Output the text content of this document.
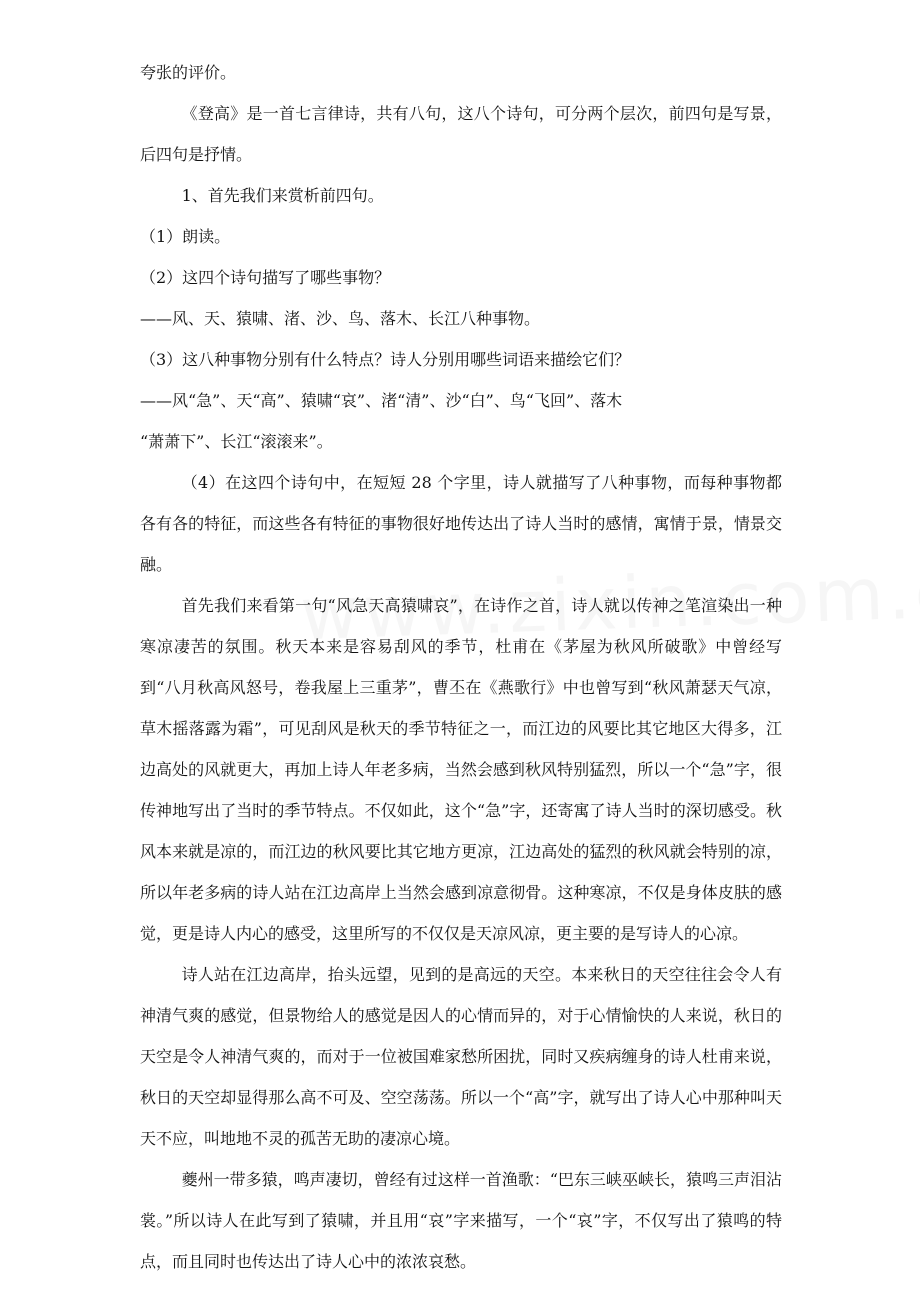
夸张的评价。

《登高》是一首七言律诗，共有八句，这八个诗句，可分两个层次，前四句是写景，后四句是抒情。

1、首先我们来赏析前四句。

（1）朗读。

（2）这四个诗句描写了哪些事物？

——风、天、猿啸、渚、沙、鸟、落木、长江八种事物。

（3）这八种事物分别有什么特点？诗人分别用哪些词语来描绘它们？

——风“急”、天“高”、猿啸“哀”、渚“清”、沙“白”、鸟“飞回”、落木

“萧萧下”、长江“滚滚来”。

（4）在这四个诗句中，在短短 28 个字里，诗人就描写了八种事物，而每种事物都各有各的特征，而这些各有特征的事物很好地传达出了诗人当时的感情，寓情于景，情景交融。

首先我们来看第一句“风急天高猿啸哀”，在诗作之首，诗人就以传神之笔渲染出一种寒凉凄苦的氛围。秋天本来是容易刮风的季节，杜甫在《茅屋为秋风所破歌》中曾经写到“八月秋高风怒号，卷我屋上三重茅”，曹丕在《燕歌行》中也曾写到“秋风萧瑟天气凉，草木摇落露为霜”，可见刮风是秋天的季节特征之一，而江边的风要比其它地区大得多，江边高处的风就更大，再加上诗人年老多病，当然会感到秋风特别猛烈，所以一个“急”字，很传神地写出了当时的季节特点。不仅如此，这个“急”字，还寄寓了诗人当时的深切感受。秋风本来就是凉的，而江边的秋风要比其它地方更凉，江边高处的猛烈的秋风就会特别的凉，所以年老多病的诗人站在江边高岸上当然会感到凉意彻骨。这种寒凉，不仅是身体皮肤的感觉，更是诗人内心的感受，这里所写的不仅仅是天凉风凉，更主要的是写诗人的心凉。

诗人站在江边高岸，抬头远望，见到的是高远的天空。本来秋日的天空往往会令人有神清气爽的感觉，但景物给人的感觉是因人的心情而异的，对于心情愉快的人来说，秋日的天空是令人神清气爽的，而对于一位被国难家愁所困扰，同时又疾病缠身的诗人杜甫来说，秋日的天空却显得那么高不可及、空空荡荡。所以一个“高”字，就写出了诗人心中那种叫天天不应，叫地地不灵的孤苦无助的凄凉心境。

夔州一带多猿，鸣声凄切，曾经有过这样一首渔歌：“巴东三峡巫峡长，猿鸣三声泪沾裳。”所以诗人在此写到了猿啸，并且用“哀”字来描写，一个“哀”字，不仅写出了猿鸣的特点，而且同时也传达出了诗人心中的浓浓哀愁。
